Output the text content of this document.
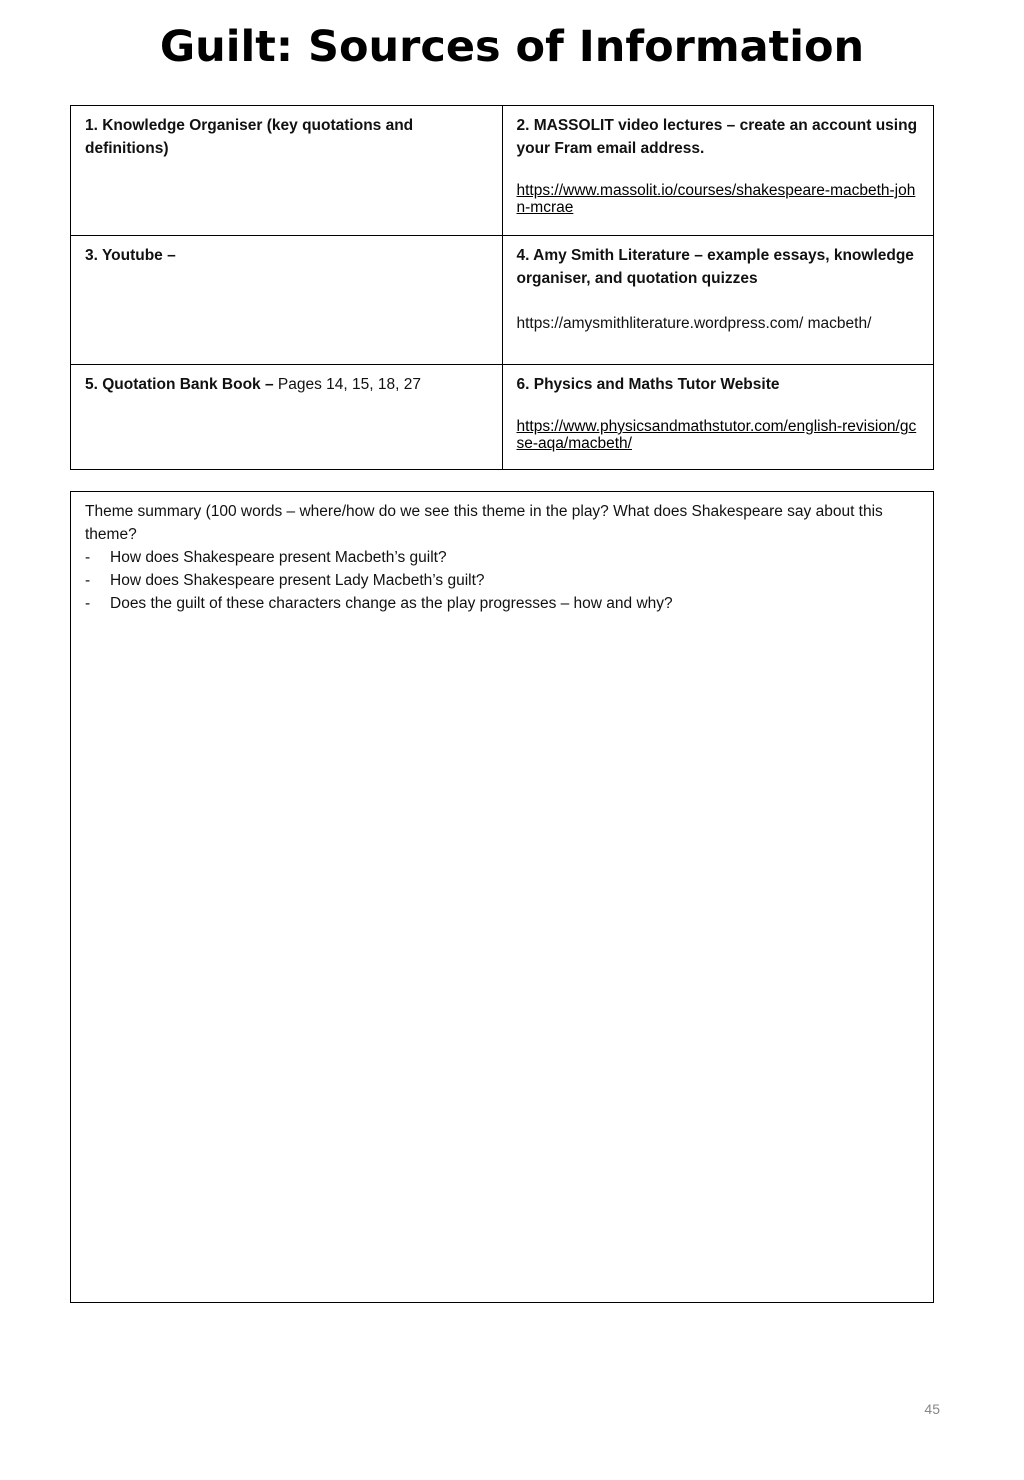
Guilt: Sources of Information
1. Knowledge Organiser (key quotations and definitions)	2. MASSOLIT video lectures – create an account using your Fram email address.
https://www.massolit.io/courses/shakespeare-macbeth-john-mcrae

3. Youtube –	4. Amy Smith Literature – example essays, knowledge organiser, and quotation quizzes
https://amysmithliterature.wordpress.com/ macbeth/

5. Quotation Bank Book – Pages 14, 15, 18, 27	6. Physics and Maths Tutor Website
https://www.physicsandmathstutor.com/english-revision/gcse-aqa/macbeth/
Theme summary (100 words – where/how do we see this theme in the play? What does Shakespeare say about this theme?
- How does Shakespeare present Macbeth’s guilt?
- How does Shakespeare present Lady Macbeth’s guilt?
- Does the guilt of these characters change as the play progresses – how and why?
45
